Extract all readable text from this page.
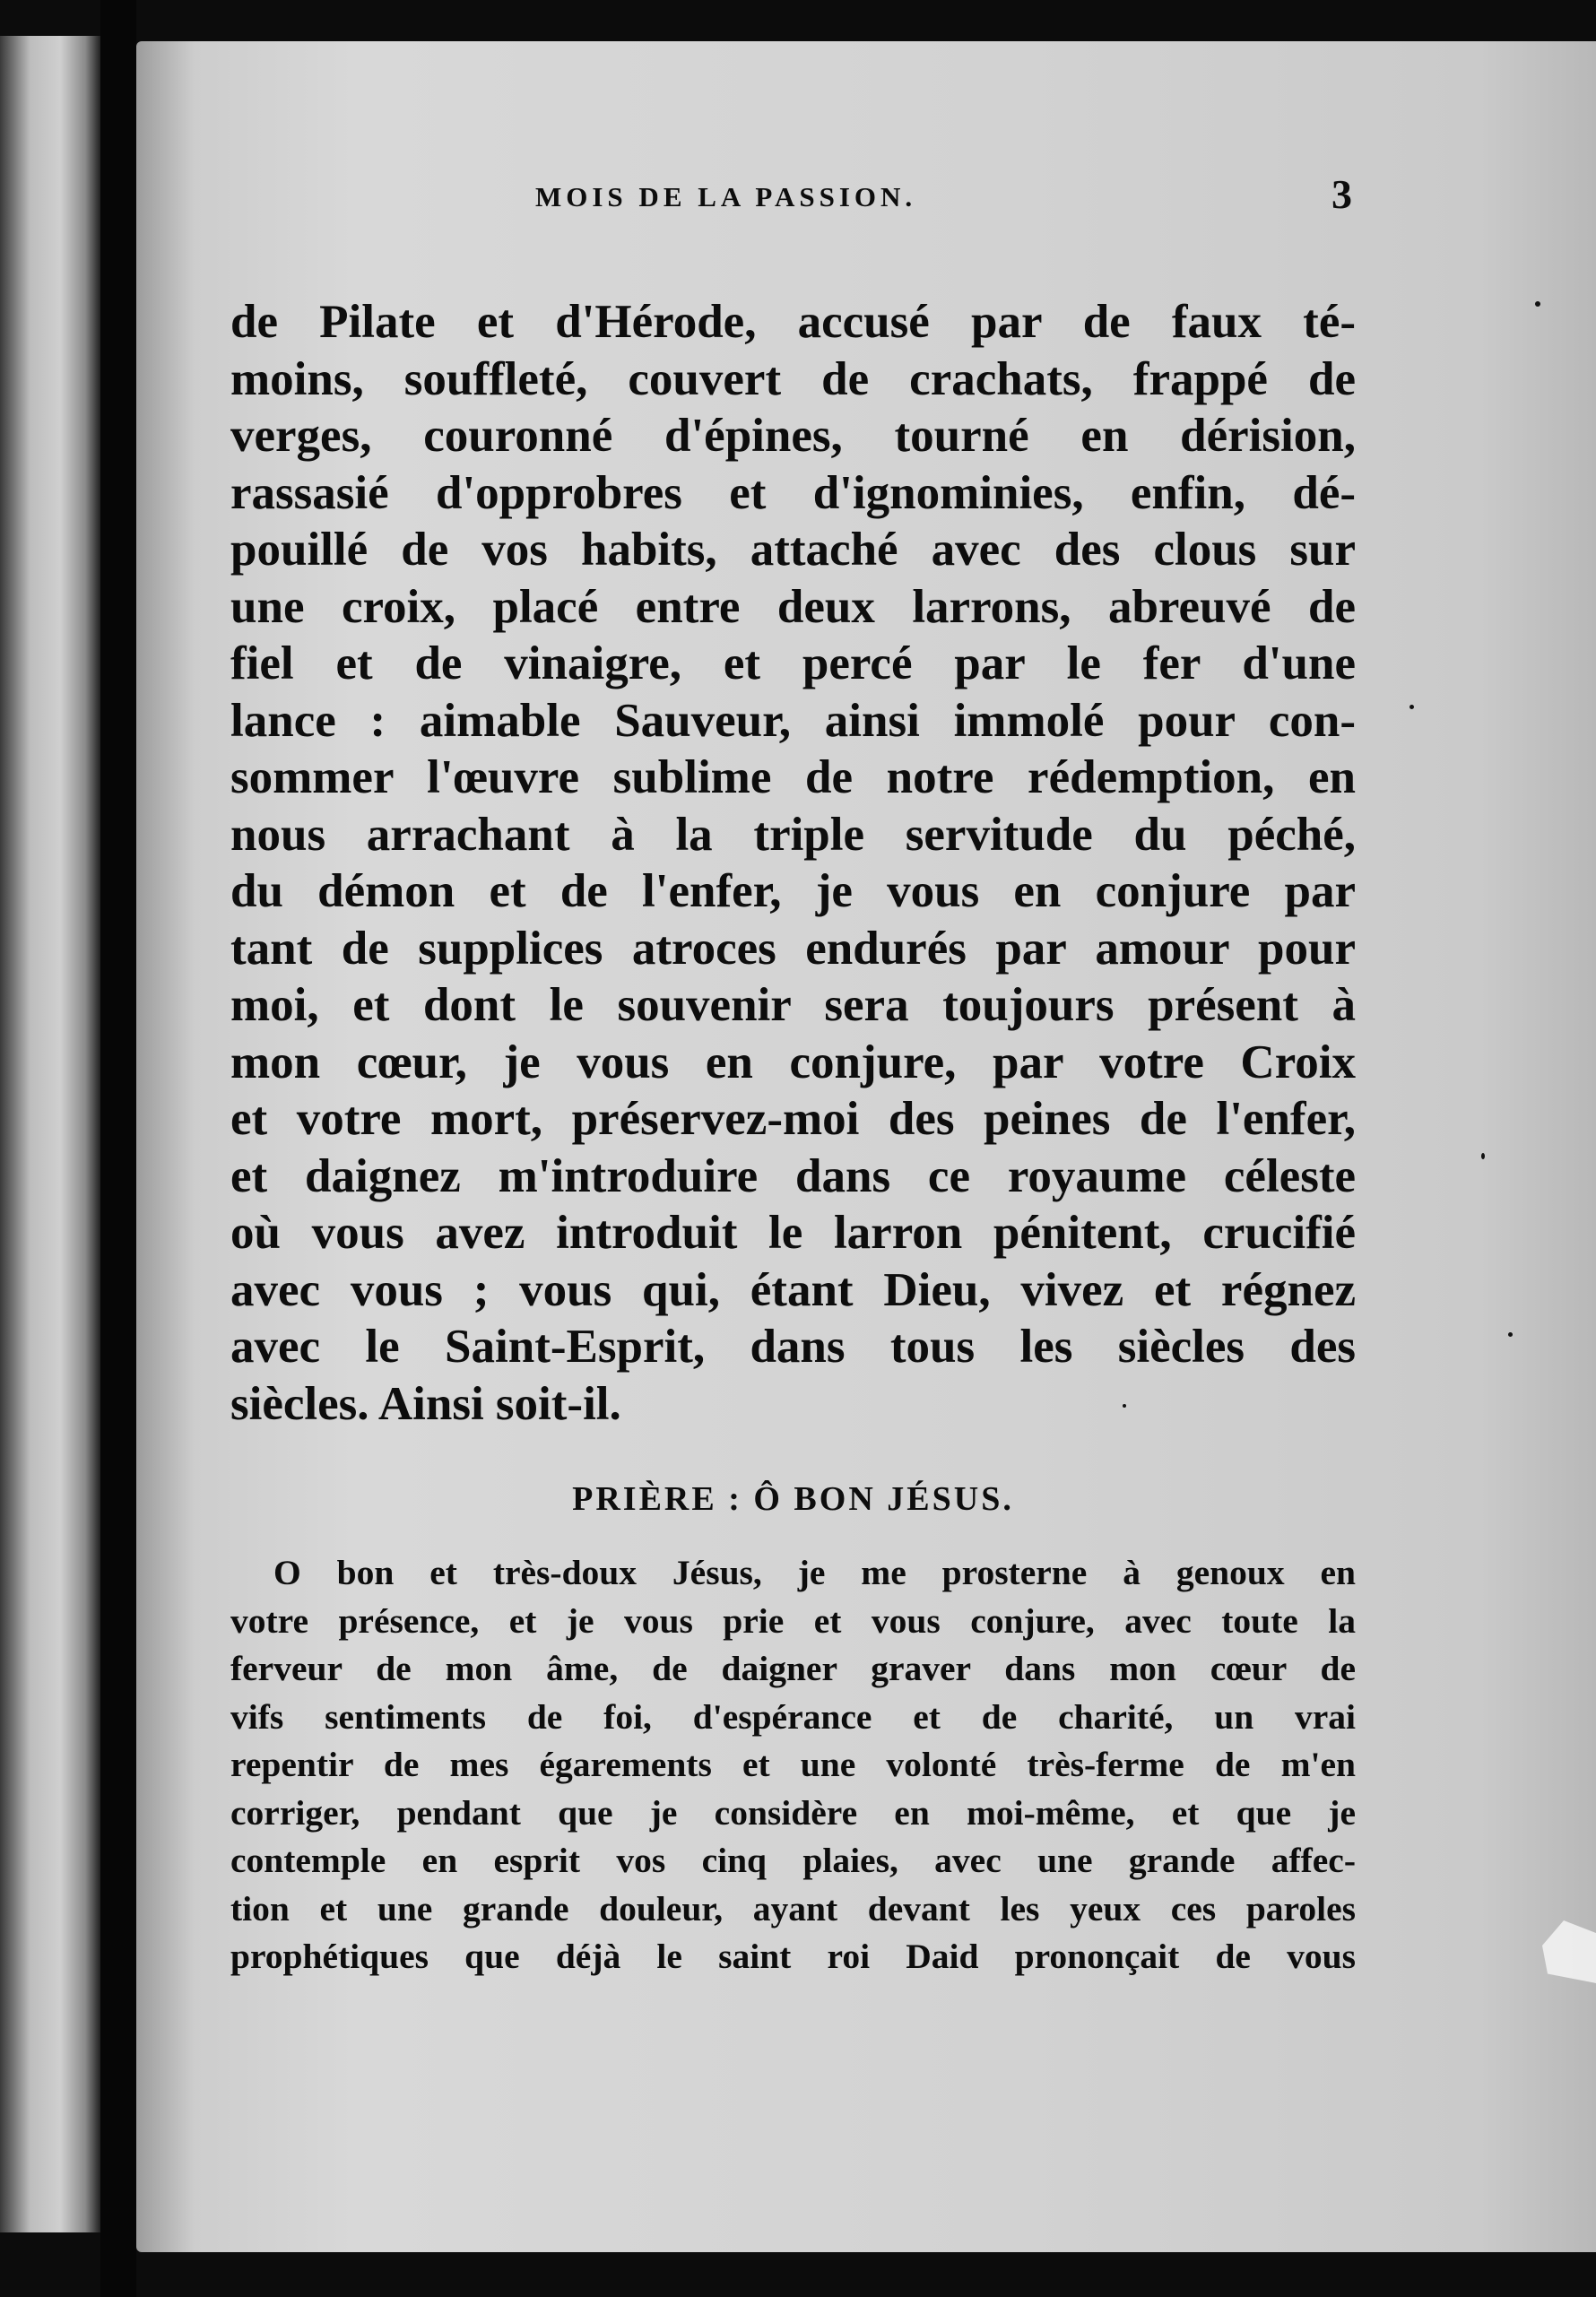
MOIS DE LA PASSION.	3
de Pilate et d'Hérode, accusé par de faux té-
moins, souffleté, couvert de crachats, frappé de
verges, couronné d'épines, tourné en dérision,
rassasié d'opprobres et d'ignominies, enfin, dé-
pouillé de vos habits, attaché avec des clous sur
une croix, placé entre deux larrons, abreuvé de
fiel et de vinaigre, et percé par le fer d'une
lance : aimable Sauveur, ainsi immolé pour con-
sommer l'œuvre sublime de notre rédemption, en
nous arrachant à la triple servitude du péché,
du démon et de l'enfer, je vous en conjure par
tant de supplices atroces endurés par amour pour
moi, et dont le souvenir sera toujours présent à
mon cœur, je vous en conjure, par votre Croix
et votre mort, préservez-moi des peines de l'enfer,
et daignez m'introduire dans ce royaume céleste
où vous avez introduit le larron pénitent, crucifié
avec vous ; vous qui, étant Dieu, vivez et régnez
avec le Saint-Esprit, dans tous les siècles des
siècles. Ainsi soit-il.
PRIÈRE : Ô BON JÉSUS.
O bon et très-doux Jésus, je me prosterne à genoux en
votre présence, et je vous prie et vous conjure, avec toute la
ferveur de mon âme, de daigner graver dans mon cœur de
vifs sentiments de foi, d'espérance et de charité, un vrai
repentir de mes égarements et une volonté très-ferme de m'en
corriger, pendant que je considère en moi-même, et que je
contemple en esprit vos cinq plaies, avec une grande affec-
tion et une grande douleur, ayant devant les yeux ces paroles
prophétiques que déjà le saint roi Daid prononçait de vous
